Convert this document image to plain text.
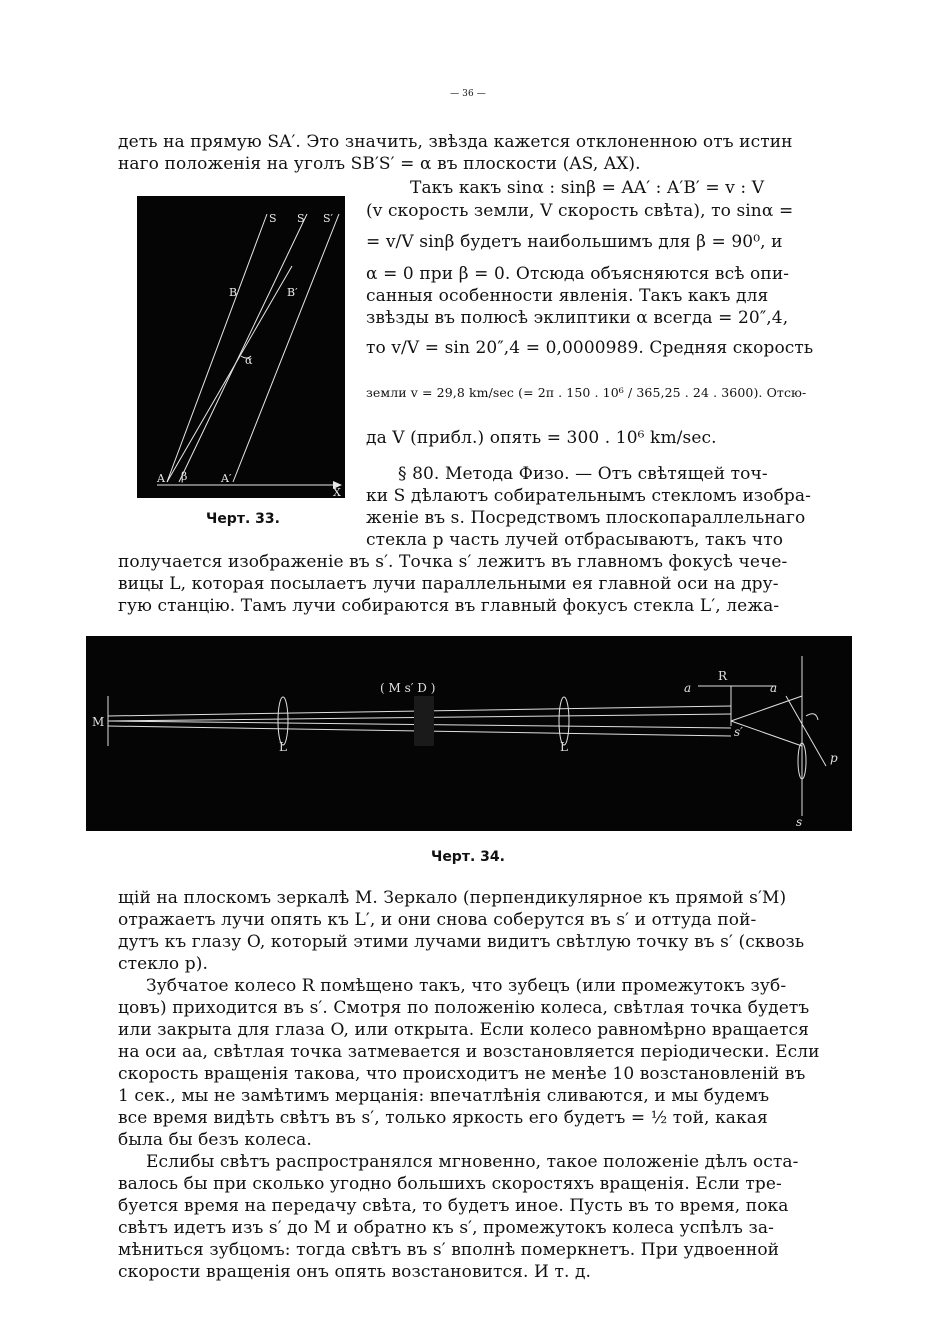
— 36 —
деть на прямую SA′. Это значить, звѣзда кажется отклоненною отъ истин
наго положенія на уголъ SB′S′ = α въ плоскости (AS, AX).
S S S′
B	B′
α
A β	A′
X
Черт. 33.
Такъ какъ sinα : sinβ = AA′ : A′B′ = v : V
(v скорость земли, V скорость свѣта), то sinα =
= v/V sinβ будетъ наибольшимъ для β = 90⁰, и
α = 0 при β = 0. Отсюда объясняются всѣ опи-
санныя особенности явленія. Такъ какъ для
звѣзды въ полюсѣ эклиптики α всегда = 20″,4,
то v/V = sin 20″,4 = 0,0000989. Средняя скорость
земли v = 29,8 km/sec (= 2π . 150 . 10⁶ / 365,25 . 24 . 3600). Отсю-
да V (прибл.) опять = 300 . 10⁶ km/sec.
§ 80. Метода Физо. — Отъ свѣтящей точ-
ки S дѣлаютъ собирательнымъ стекломъ изобра-
женіе въ s. Посредствомъ плоскопараллельнаго
стекла p часть лучей отбрасываютъ, такъ что
получается изображеніе въ s′. Точка s′ лежитъ въ главномъ фокусѣ чече-
вицы L, которая посылаетъ лучи параллельными ея главной оси на дру-
гую станцію. Тамъ лучи собираются въ главный фокусъ стекла L′, лежа-
M
( M s′ D )
L	L
a
R
a
s′
p
s
Черт. 34.
щій на плоскомъ зеркалѣ M. Зеркало (перпендикулярное къ прямой s′M)
отражаетъ лучи опять къ L′, и они снова соберутся въ s′ и оттуда пой-
дутъ къ глазу O, который этими лучами видитъ свѣтлую точку въ s′ (сквозь
стекло p).
Зубчатое колесо R помѣщено такъ, что зубецъ (или промежутокъ зуб-
цовъ) приходится въ s′. Смотря по положенію колеса, свѣтлая точка будетъ
или закрыта для глаза O, или открыта. Если колесо равномѣрно вращается
на оси aa, свѣтлая точка затмевается и возстановляется періодически. Если
скорость вращенія такова, что происходитъ не менѣе 10 возстановленій въ
1 сек., мы не замѣтимъ мерцанія: впечатлѣнія сливаются, и мы будемъ
все время видѣть свѣтъ въ s′, только яркость его будетъ = ½ той, какая
была бы безъ колеса.
Еслибы свѣтъ распространялся мгновенно, такое положеніе дѣлъ оста-
валось бы при сколько угодно большихъ скоростяхъ вращенія. Если тре-
буется время на передачу свѣта, то будетъ иное. Пусть въ то время, пока
свѣтъ идетъ изъ s′ до M и обратно къ s′, промежутокъ колеса успѣлъ за-
мѣниться зубцомъ: тогда свѣтъ въ s′ вполнѣ померкнетъ. При удвоенной
скорости вращенія онъ опять возстановится. И т. д.
